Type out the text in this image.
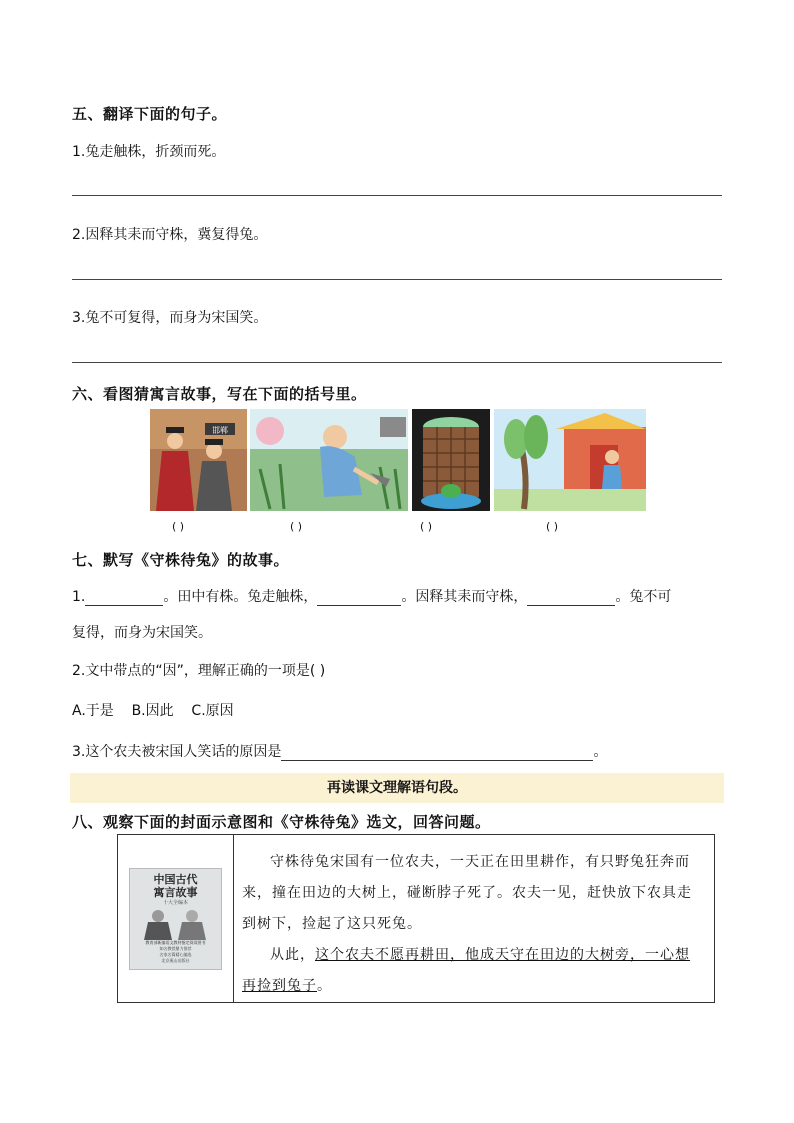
五、翻译下面的句子。
1.兔走触株，折颈而死。
2.因释其耒而守株，冀复得兔。
3.兔不可复得，而身为宋国笑。
六、看图猜寓言故事，写在下面的括号里。
邯郸
( )	( )	( )	( )
七、默写《守株待兔》的故事。
1.	。田中有株。兔走触株，	。因释其耒而守株，	。兔不可
复得，而身为宋国笑。
2.文中带点的“因”，理解正确的一项是( )
A.于是    B.因此    C.原因
3.这个农夫被宋国人笑话的原因是	。
再读课文理解语句段。
八、观察下面的封面示意图和《守株待兔》选文，回答问题。
中国古代
寓言故事
十大全编本
教育部新编语文教材指定阅读图书
知名教授鼎力推荐
名家名篇精心编选
北京燕山出版社

守株待兔宋国有一位农夫，一天正在田里耕作，有只野兔狂奔而来，撞在田边的大树上，碰断脖子死了。农夫一见，赶快放下农具走到树下，捡起了这只死兔。

从此，这个农夫不愿再耕田，他成天守在田边的大树旁，一心想再捡到兔子。
